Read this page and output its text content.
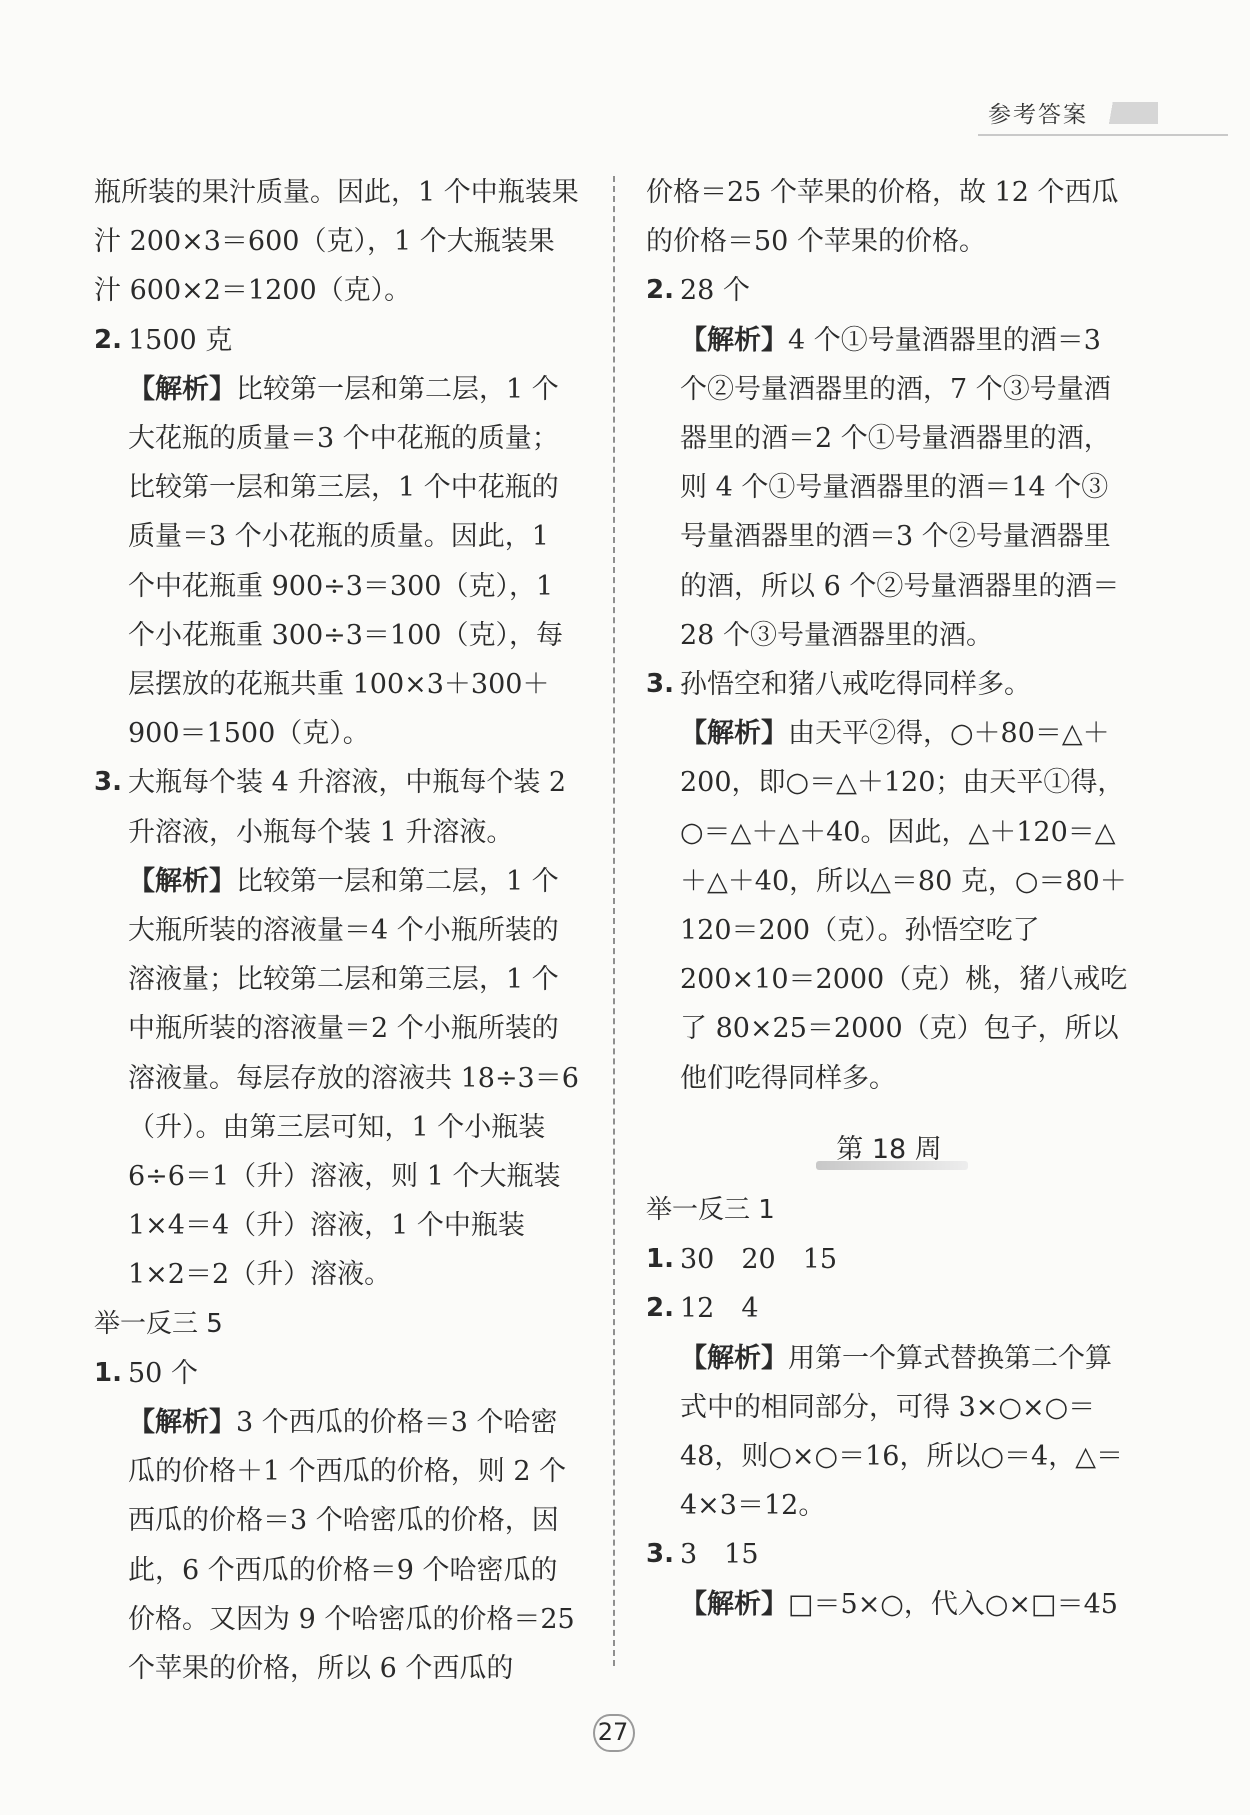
参考答案

瓶所装的果汁质量。因此，1 个中瓶装果汁 200×3＝600（克），1 个大瓶装果汁 600×2＝1200（克）。

2. 1500 克

【解析】比较第一层和第二层，1 个大花瓶的质量＝3 个中花瓶的质量；比较第一层和第三层，1 个中花瓶的质量＝3 个小花瓶的质量。因此，1 个中花瓶重 900÷3＝300（克），1 个小花瓶重 300÷3＝100（克），每层摆放的花瓶共重 100×3＋300＋900＝1500（克）。

3. 大瓶每个装 4 升溶液，中瓶每个装 2 升溶液，小瓶每个装 1 升溶液。

【解析】比较第一层和第二层，1 个大瓶所装的溶液量＝4 个小瓶所装的溶液量；比较第二层和第三层，1 个中瓶所装的溶液量＝2 个小瓶所装的溶液量。每层存放的溶液共 18÷3＝6（升）。由第三层可知，1 个小瓶装 6÷6＝1（升）溶液，则 1 个大瓶装 1×4＝4（升）溶液，1 个中瓶装 1×2＝2（升）溶液。

举一反三 5

1. 50 个

【解析】3 个西瓜的价格＝3 个哈密瓜的价格＋1 个西瓜的价格，则 2 个西瓜的价格＝3 个哈密瓜的价格，因此，6 个西瓜的价格＝9 个哈密瓜的价格。又因为 9 个哈密瓜的价格＝25 个苹果的价格，所以 6 个西瓜的

价格＝25 个苹果的价格，故 12 个西瓜的价格＝50 个苹果的价格。

2. 28 个

【解析】4 个①号量酒器里的酒＝3 个②号量酒器里的酒，7 个③号量酒器里的酒＝2 个①号量酒器里的酒，则 4 个①号量酒器里的酒＝14 个③号量酒器里的酒＝3 个②号量酒器里的酒，所以 6 个②号量酒器里的酒＝28 个③号量酒器里的酒。

3. 孙悟空和猪八戒吃得同样多。

【解析】由天平②得，○＋80＝△＋200，即○＝△＋120；由天平①得，○＝△＋△＋40。因此，△＋120＝△＋△＋40，所以△＝80 克，○＝80＋120＝200（克）。孙悟空吃了 200×10＝2000（克）桃，猪八戒吃了 80×25＝2000（克）包子，所以他们吃得同样多。

第 18 周

举一反三 1

1. 30　20　15

2. 12　4

【解析】用第一个算式替换第二个算式中的相同部分，可得 3×○×○＝48，则○×○＝16，所以○＝4，△＝4×3＝12。

3. 3　15

【解析】□＝5×○，代入○×□＝45

27
